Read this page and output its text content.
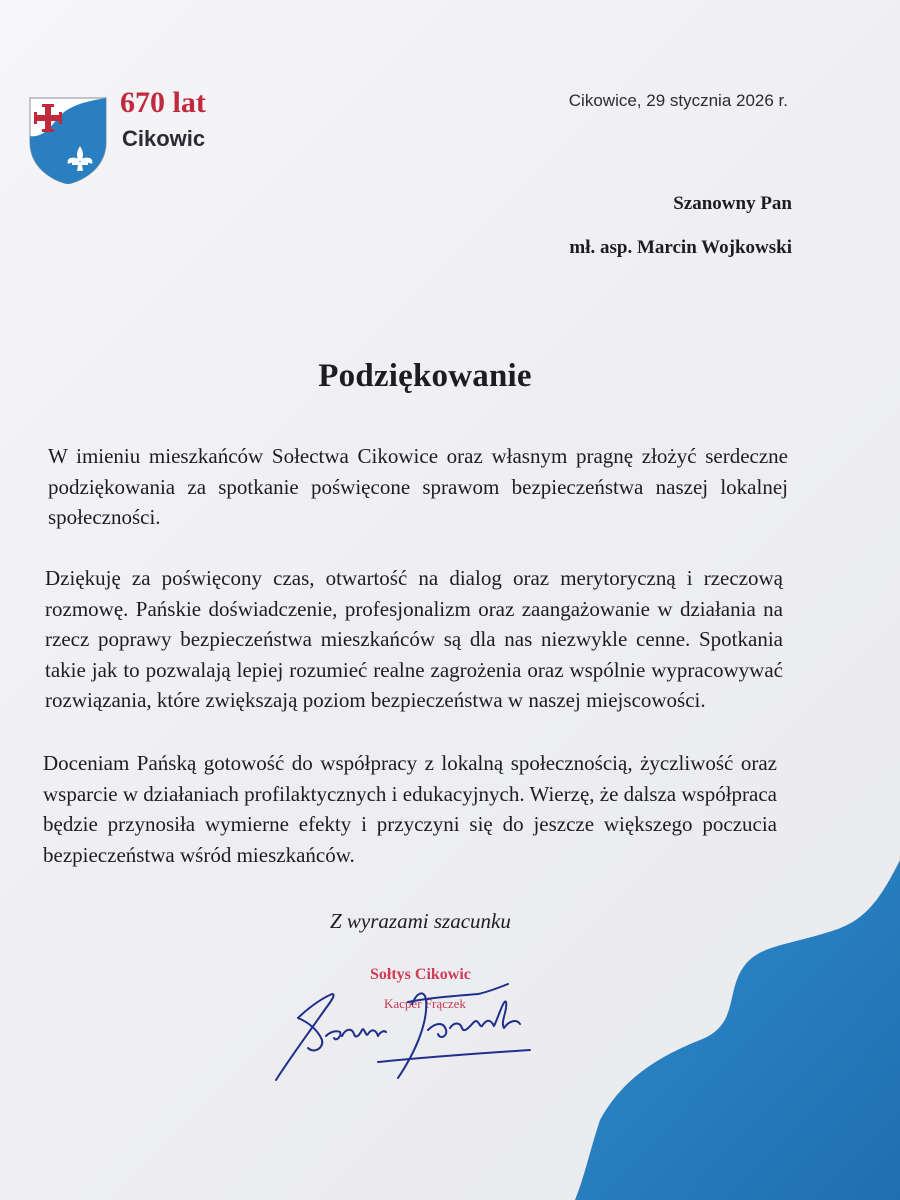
670 lat
Cikowic
Cikowice, 29 stycznia 2026 r.
Szanowny Pan
mł. asp. Marcin Wojkowski
Podziękowanie

W imieniu mieszkańców Sołectwa Cikowice oraz własnym pragnę złożyć serdeczne podziękowania za spotkanie poświęcone sprawom bezpieczeństwa naszej lokalnej społeczności.

Dziękuję za poświęcony czas, otwartość na dialog oraz merytoryczną i rzeczową rozmowę. Pańskie doświadczenie, profesjonalizm oraz zaangażowanie w działania na rzecz poprawy bezpieczeństwa mieszkańców są dla nas niezwykle cenne. Spotkania takie jak to pozwalają lepiej rozumieć realne zagrożenia oraz wspólnie wypracowywać rozwiązania, które zwiększają poziom bezpieczeństwa w naszej miejscowości.

Doceniam Pańską gotowość do współpracy z lokalną społecznością, życzliwość oraz wsparcie w działaniach profilaktycznych i edukacyjnych. Wierzę, że dalsza współpraca będzie przynosiła wymierne efekty i przyczyni się do jeszcze większego poczucia bezpieczeństwa wśród mieszkańców.

Z wyrazami szacunku
Sołtys Cikowic
Kacper Frączek
